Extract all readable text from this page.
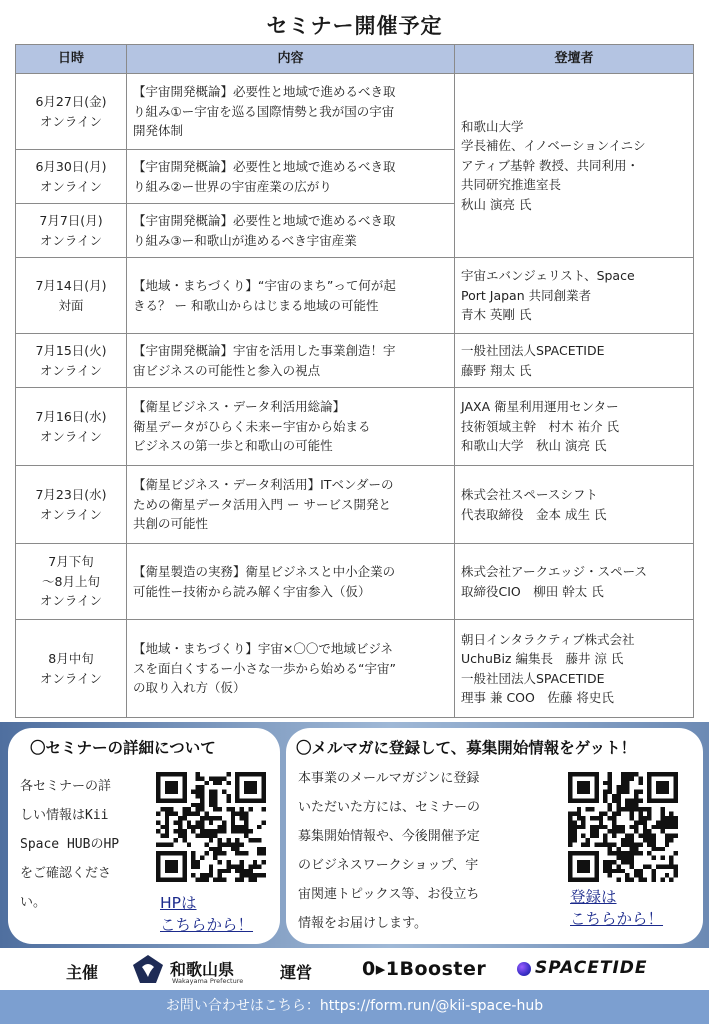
セミナー開催予定
日時	内容	登壇者

6月27日(金)
オンライン	【宇宙開発概論】必要性と地域で進めるべき取
り組み①ー宇宙を巡る国際情勢と我が国の宇宙
開発体制	和歌山大学
学長補佐、イノベーションイニシ
アティブ基幹 教授、共同利用・
共同研究推進室長
秋山 演亮 氏

6月30日(月)
オンライン	【宇宙開発概論】必要性と地域で進めるべき取
り組み②ー世界の宇宙産業の広がり	

7月7日(月)
オンライン	【宇宙開発概論】必要性と地域で進めるべき取
り組み③ー和歌山が進めるべき宇宙産業	

7月14日(月)
対面	【地域・まちづくり】“宇宙のまち”って何が起
きる？ ー 和歌山からはじまる地域の可能性	宇宙エバンジェリスト、Space
Port Japan 共同創業者
青木 英剛 氏

7月15日(火)
オンライン	【宇宙開発概論】宇宙を活用した事業創造！宇
宙ビジネスの可能性と参入の視点	一般社団法人SPACETIDE
藤野 翔太 氏

7月16日(水)
オンライン	【衛星ビジネス・データ利活用総論】
衛星データがひらく未来ー宇宙から始まる
ビジネスの第一歩と和歌山の可能性	JAXA 衛星利用運用センター
技術領域主幹　村木 祐介 氏
和歌山大学　秋山 演亮 氏

7月23日(水)
オンライン	【衛星ビジネス・データ利活用】ITベンダーの
ための衛星データ活用入門 ー サービス開発と
共創の可能性	株式会社スペースシフト
代表取締役　金本 成生 氏

7月下旬
～8月上旬
オンライン	【衛星製造の実務】衛星ビジネスと中小企業の
可能性ー技術から読み解く宇宙参入（仮）	株式会社アークエッジ・スペース
取締役CIO　柳田 幹太 氏

8月中旬
オンライン	【地域・まちづくり】宇宙×〇〇で地域ビジネ
スを面白くするー小さな一歩から始める“宇宙”
の取り入れ方（仮）	朝日インタラクティブ株式会社
UchuBiz 編集長　藤井 涼 氏
一般社団法人SPACETIDE
理事 兼 COO　佐藤 将史氏
〇セミナーの詳細について
各セミナーの詳
しい情報はKii
Space HUBのHP
をご確認くださ
い。	HPは
こちらから！
〇メルマガに登録して、募集開始情報をゲット！
本事業のメールマガジンに登録
いただいた方には、セミナーの
募集開始情報や、今後開催予定
のビジネスワークショップ、宇
宙関連トピックス等、お役立ち
情報をお届けします。
登録は
こちらから！
主催	和歌山県
Wakayama Prefecture 運営	0▸1Booster	SPACETIDE
お問い合わせはこちら：https://form.run/@kii-space-hub
